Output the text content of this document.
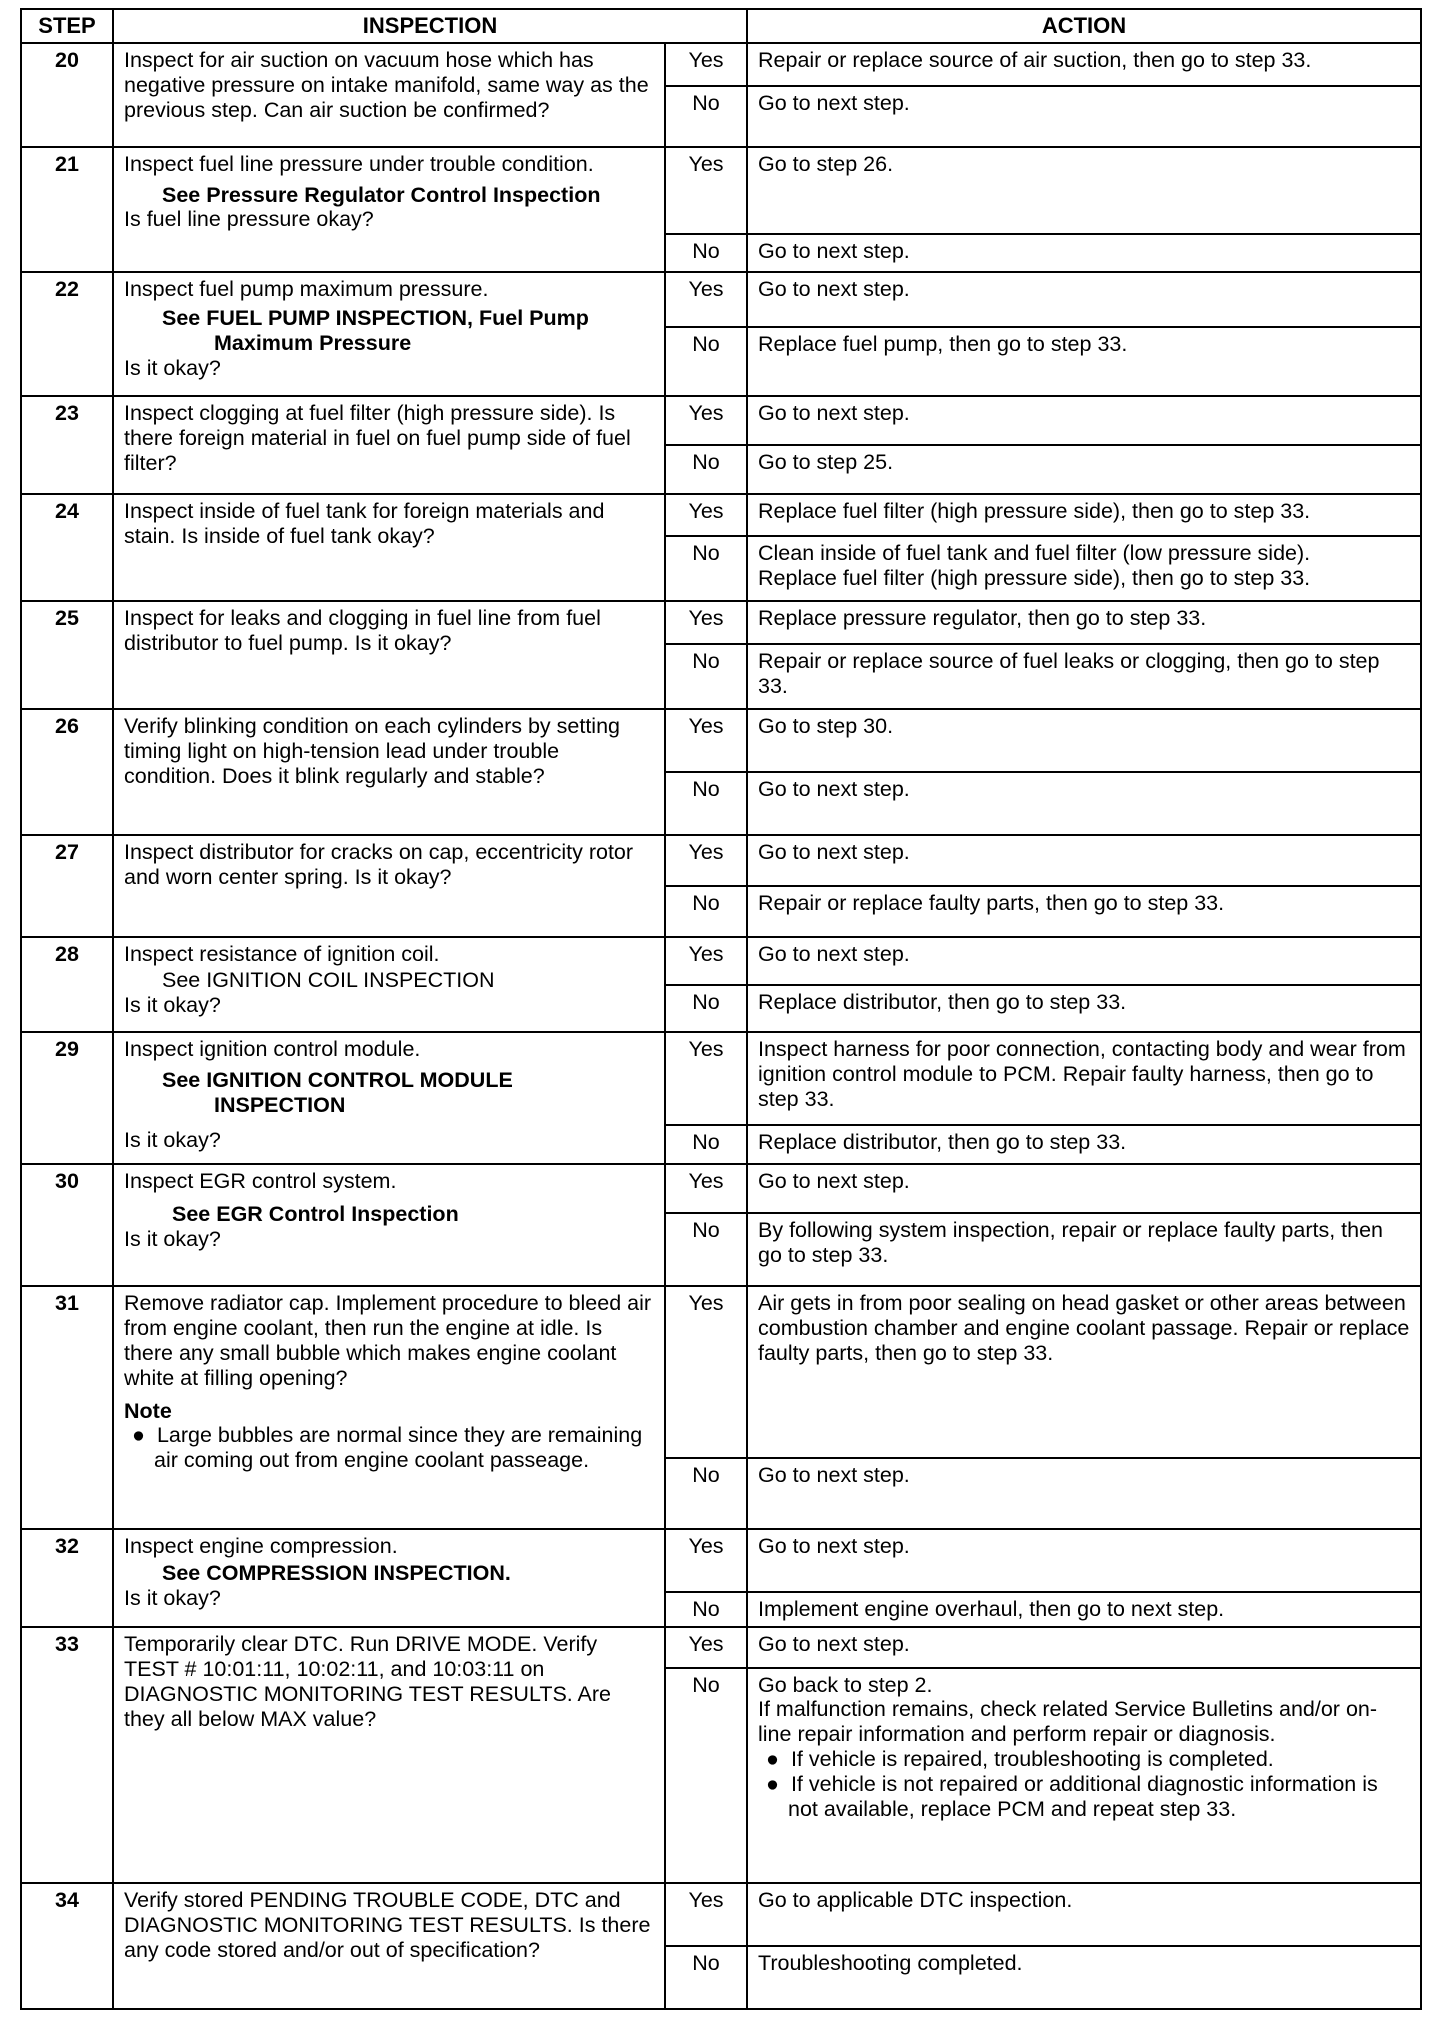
STEP	INSPECTION		ACTION
20	Inspect for air suction on vacuum hose which has negative pressure on intake manifold, same way as the previous step. Can air suction be confirmed?	Yes	Repair or replace source of air suction, then go to step 33.
		No	Go to next step.
21	Inspect fuel line pressure under trouble condition.
See Pressure Regulator Control Inspection
Is fuel line pressure okay?	Yes	Go to step 26.
		No	Go to next step.
22	Inspect fuel pump maximum pressure.
See FUEL PUMP INSPECTION, Fuel Pump
Maximum Pressure
Is it okay?	Yes	Go to next step.
		No	Replace fuel pump, then go to step 33.
23	Inspect clogging at fuel filter (high pressure side). Is there foreign material in fuel on fuel pump side of fuel filter?	Yes	Go to next step.
		No	Go to step 25.
24	Inspect inside of fuel tank for foreign materials and stain. Is inside of fuel tank okay?	Yes	Replace fuel filter (high pressure side), then go to step 33.
		No	Clean inside of fuel tank and fuel filter (low pressure side).
Replace fuel filter (high pressure side), then go to step 33.

25	Inspect for leaks and clogging in fuel line from fuel distributor to fuel pump. Is it okay?	Yes	Replace pressure regulator, then go to step 33.
		No	Repair or replace source of fuel leaks or clogging, then go to step 33.
26	Verify blinking condition on each cylinders by setting timing light on high-tension lead under trouble condition. Does it blink regularly and stable?	Yes	Go to step 30.
		No	Go to next step.
27	Inspect distributor for cracks on cap, eccentricity rotor and worn center spring. Is it okay?	Yes	Go to next step.
		No	Repair or replace faulty parts, then go to step 33.
28	Inspect resistance of ignition coil.
See IGNITION COIL INSPECTION
Is it okay?	Yes	Go to next step.
		No	Replace distributor, then go to step 33.
29	Inspect ignition control module.
See IGNITION CONTROL MODULE
INSPECTION
Is it okay?	Yes	Inspect harness for poor connection, contacting body and wear from ignition control module to PCM. Repair faulty harness, then go to step 33.
		No	Replace distributor, then go to step 33.
30	Inspect EGR control system.
See EGR Control Inspection
Is it okay?	Yes	Go to next step.
		No	By following system inspection, repair or replace faulty parts, then go to step 33.
31	Remove radiator cap. Implement procedure to bleed air from engine coolant, then run the engine at idle. Is there any small bubble which makes engine coolant white at filling opening?
Note
● Large bubbles are normal since they are remaining air coming out from engine coolant passeage.	Yes	Air gets in from poor sealing on head gasket or other areas between combustion chamber and engine coolant passage. Repair or replace faulty parts, then go to step 33.
		No	Go to next step.
32	Inspect engine compression.
See COMPRESSION INSPECTION.
Is it okay?	Yes	Go to next step.
		No	Implement engine overhaul, then go to next step.
33	Temporarily clear DTC. Run DRIVE MODE. Verify TEST # 10:01:11, 10:02:11, and 10:03:11 on DIAGNOSTIC MONITORING TEST RESULTS. Are they all below MAX value?	Yes	Go to next step.
		No	Go back to step 2.
If malfunction remains, check related Service Bulletins and/or on-line repair information and perform repair or diagnosis.
● If vehicle is repaired, troubleshooting is completed.
● If vehicle is not repaired or additional diagnostic information is not available, replace PCM and repeat step 33.

34	Verify stored PENDING TROUBLE CODE, DTC and DIAGNOSTIC MONITORING TEST RESULTS. Is there any code stored and/or out of specification?	Yes	Go to applicable DTC inspection.
		No	Troubleshooting completed.
